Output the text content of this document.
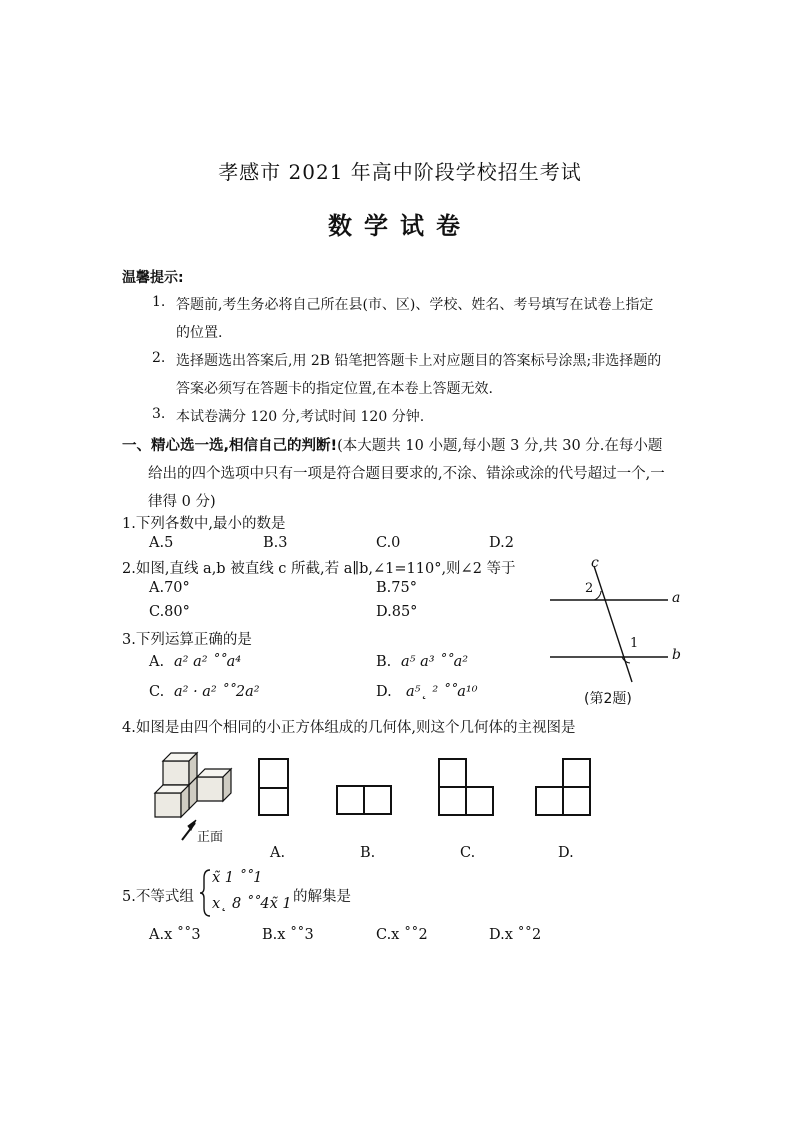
孝感市 2021 年高中阶段学校招生考试
数学试卷
温馨提示:
1. 答题前,考生务必将自己所在县(市、区)、学校、姓名、考号填写在试卷上指定
的位置.
2. 选择题选出答案后,用 2B 铅笔把答题卡上对应题目的答案标号涂黑;非选择题的
答案必须写在答题卡的指定位置,在本卷上答题无效.
3. 本试卷满分 120 分,考试时间 120 分钟.
一、精心选一选,相信自己的判断!(本大题共 10 小题,每小题 3 分,共 30 分.在每小题
给出的四个选项中只有一项是符合题目要求的,不涂、错涂或涂的代号超过一个,一
律得 0 分)
1.下列各数中,最小的数是
A.5	B.3	C.0	D.2
2.如图,直线 a,b 被直线 c 所截,若 a∥b,∠1=110°,则∠2 等于
A.70°	B.75°
C.80°	D.85°
c
a
b
2
1
(第2题)
3.下列运算正确的是
A. a² a² ˚˚a⁴	B. a⁵ a³ ˚˚a²
C. a² · a² ˚˚2a²	D. a⁵˛ ² ˚˚a¹⁰
4.如图是由四个相同的小正方体组成的几何体,则这个几何体的主视图是
正面
A.	B.	C.	D.
5.不等式组
x̃ 1 ˚˚1
x˛ 8 ˚˚4x̃ 1 的解集是
A.x ˚˚3	B.x ˚˚3	C.x ˚˚2	D.x ˚˚2
